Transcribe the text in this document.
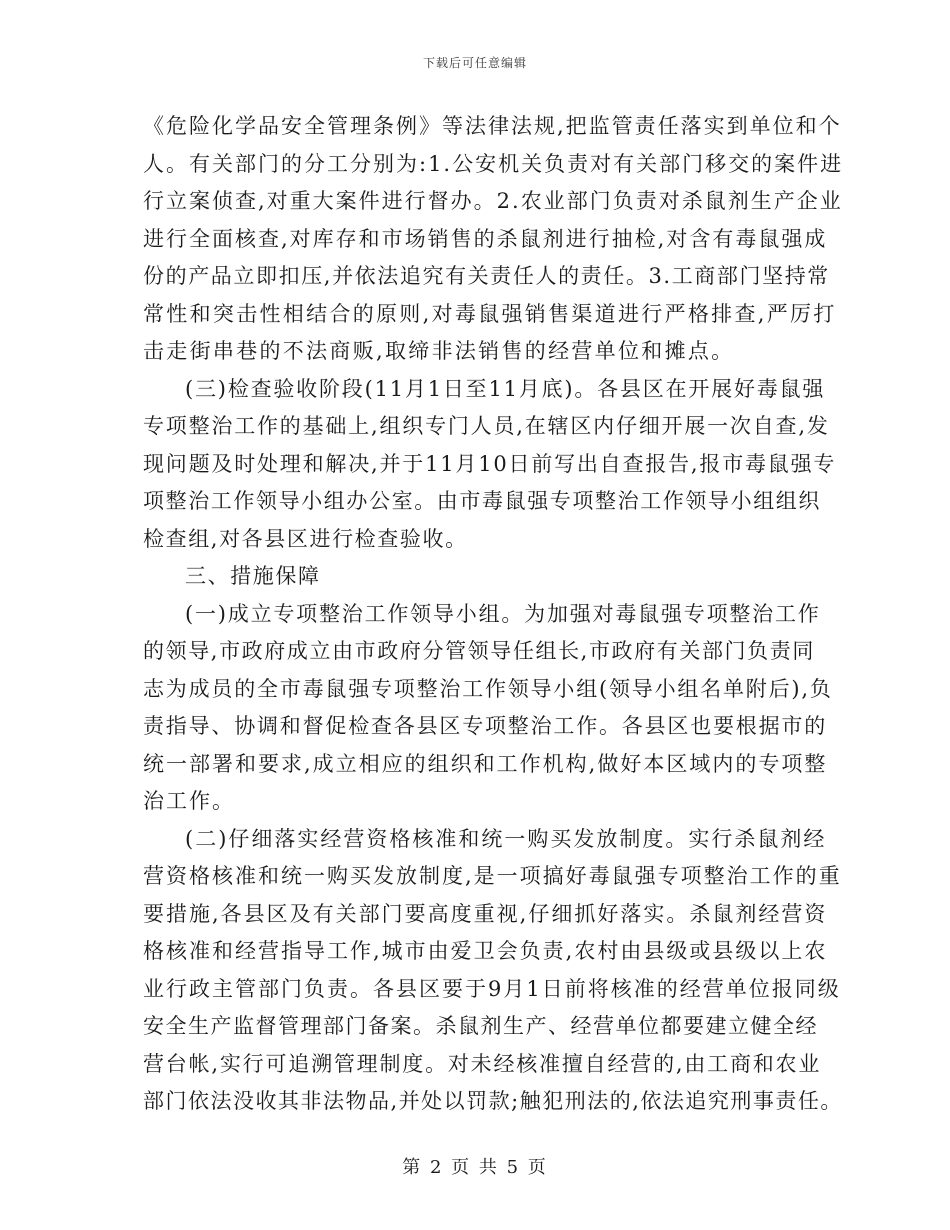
下载后可任意编辑
《危险化学品安全管理条例》等法律法规,把监管责任落实到单位和个
人。有关部门的分工分别为:1.公安机关负责对有关部门移交的案件进
行立案侦查,对重大案件进行督办。2.农业部门负责对杀鼠剂生产企业
进行全面核查,对库存和市场销售的杀鼠剂进行抽检,对含有毒鼠强成
份的产品立即扣压,并依法追究有关责任人的责任。3.工商部门坚持常
常性和突击性相结合的原则,对毒鼠强销售渠道进行严格排查,严厉打
击走街串巷的不法商贩,取缔非法销售的经营单位和摊点。
(三)检查验收阶段(11月1日至11月底)。各县区在开展好毒鼠强
专项整治工作的基础上,组织专门人员,在辖区内仔细开展一次自查,发
现问题及时处理和解决,并于11月10日前写出自查报告,报市毒鼠强专
项整治工作领导小组办公室。由市毒鼠强专项整治工作领导小组组织
检查组,对各县区进行检查验收。
三、措施保障
(一)成立专项整治工作领导小组。为加强对毒鼠强专项整治工作
的领导,市政府成立由市政府分管领导任组长,市政府有关部门负责同
志为成员的全市毒鼠强专项整治工作领导小组(领导小组名单附后),负
责指导、协调和督促检查各县区专项整治工作。各县区也要根据市的
统一部署和要求,成立相应的组织和工作机构,做好本区域内的专项整
治工作。
(二)仔细落实经营资格核准和统一购买发放制度。实行杀鼠剂经
营资格核准和统一购买发放制度,是一项搞好毒鼠强专项整治工作的重
要措施,各县区及有关部门要高度重视,仔细抓好落实。杀鼠剂经营资
格核准和经营指导工作,城市由爱卫会负责,农村由县级或县级以上农
业行政主管部门负责。各县区要于9月1日前将核准的经营单位报同级
安全生产监督管理部门备案。杀鼠剂生产、经营单位都要建立健全经
营台帐,实行可追溯管理制度。对未经核准擅自经营的,由工商和农业
部门依法没收其非法物品,并处以罚款;触犯刑法的,依法追究刑事责任。
第 2 页 共 5 页
